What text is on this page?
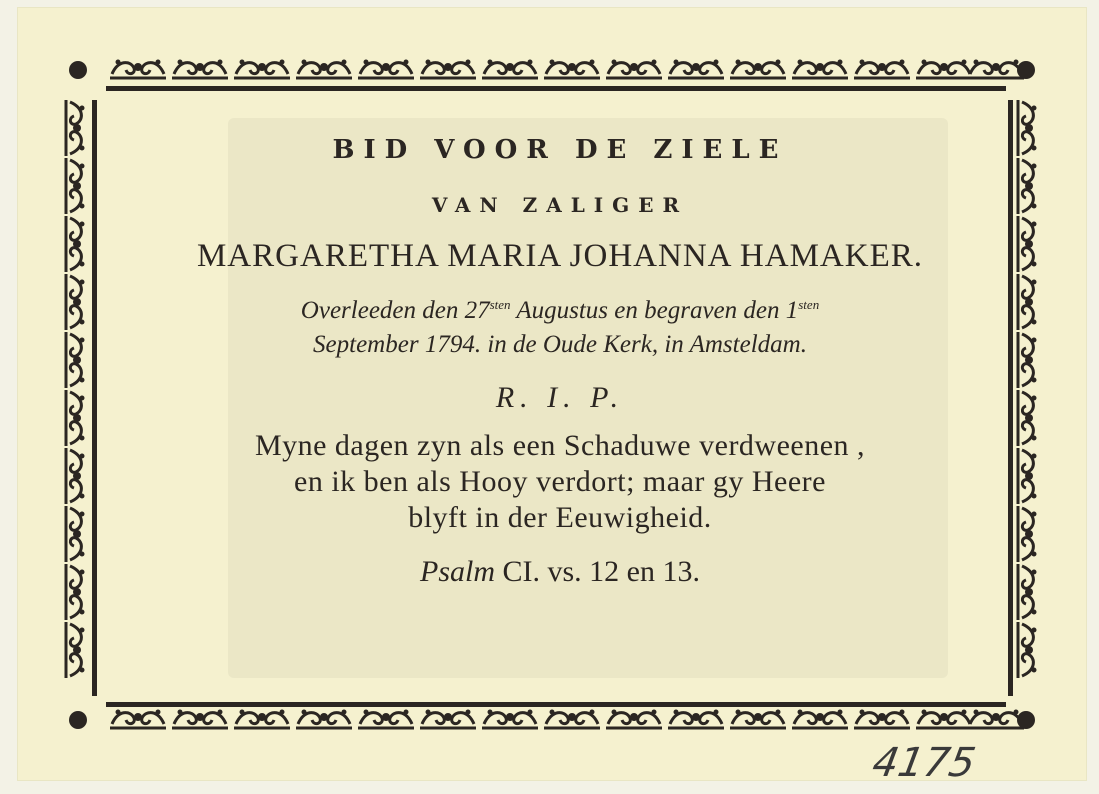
BID VOOR DE ZIELE
VAN ZALIGER
MARGARETHA MARIA JOHANNA HAMAKER.
Overleeden den $27^{sten}$ Augustus en begraven den $1^{sten}$
September 1794. in de Oude Kerk, in Amsteldam.
R. I. P.
Myne dagen zyn als een Schaduwe verdweenen ,
en ik ben als Hooy verdort; maar gy Heere
blyft in der Eeuwigheid.
Psalm CI. vs. 12 en 13.
4175
